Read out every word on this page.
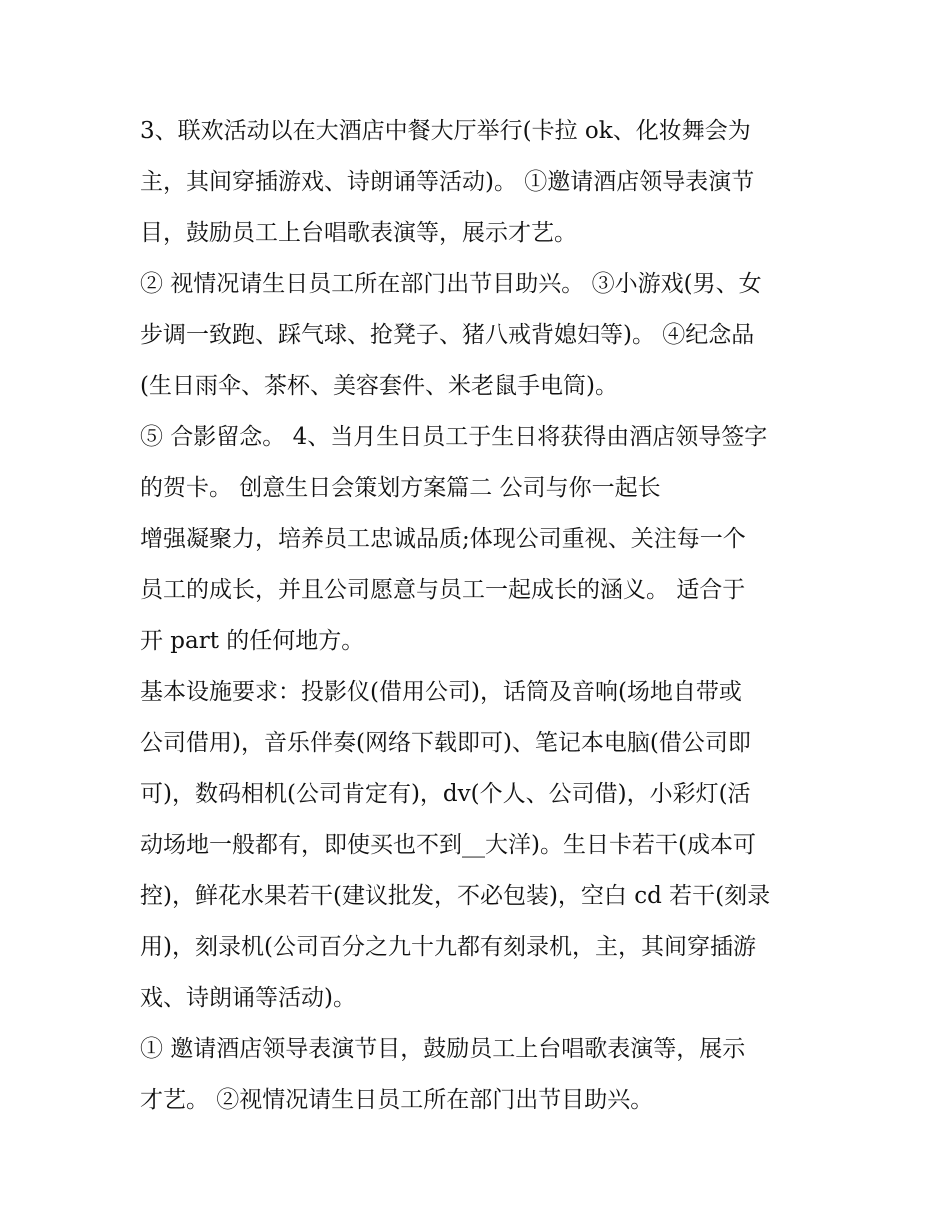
3、联欢活动以在大酒店中餐大厅举行(卡拉 ok、化妆舞会为
主，其间穿插游戏、诗朗诵等活动)。 ①邀请酒店领导表演节
目，鼓励员工上台唱歌表演等，展示才艺。
② 视情况请生日员工所在部门出节目助兴。 ③小游戏(男、女
步调一致跑、踩气球、抢凳子、猪八戒背媳妇等)。 ④纪念品
(生日雨伞、茶杯、美容套件、米老鼠手电筒)。
⑤ 合影留念。 4、当月生日员工于生日将获得由酒店领导签字
的贺卡。 创意生日会策划方案篇二 公司与你一起长
增强凝聚力，培养员工忠诚品质;体现公司重视、关注每一个
员工的成长，并且公司愿意与员工一起成长的涵义。 适合于
开 part 的任何地方。
基本设施要求：投影仪(借用公司)，话筒及音响(场地自带或
公司借用)，音乐伴奏(网络下载即可)、笔记本电脑(借公司即
可)，数码相机(公司肯定有)，dv(个人、公司借)，小彩灯(活
动场地一般都有，即使买也不到__大洋)。生日卡若干(成本可
控)，鲜花水果若干(建议批发，不必包装)，空白 cd 若干(刻录
用)，刻录机(公司百分之九十九都有刻录机，主，其间穿插游
戏、诗朗诵等活动)。
① 邀请酒店领导表演节目，鼓励员工上台唱歌表演等，展示
才艺。 ②视情况请生日员工所在部门出节目助兴。
